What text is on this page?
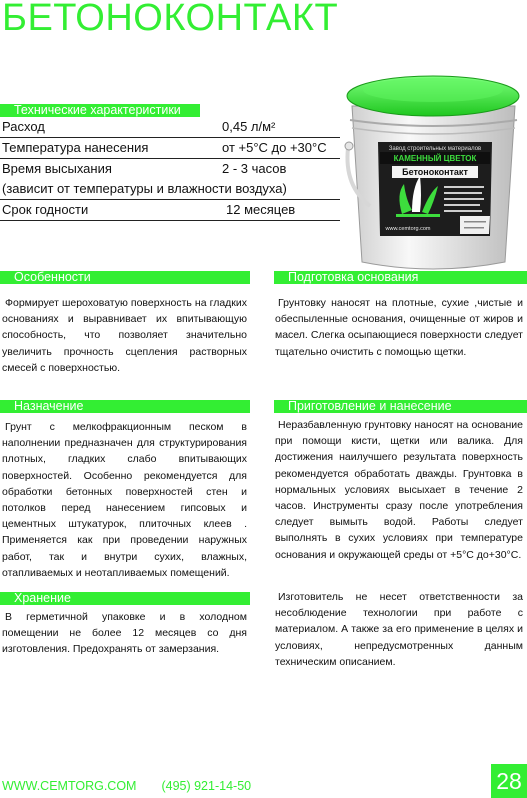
БЕТОНОКОНТАКТ
Технические характеристики
Расход	0,45 л/м²
Температура нанесения	от +5°С до +30°С
Время высыхания	2 - 3 часов
(зависит от температуры и влажности воздуха)
Срок годности	12 месяцев
Завод строительных материалов
КАМЕННЫЙ ЦВЕТОК
Бетоноконтакт
www.cemtorg.com
Особенности
Формирует шероховатую поверхность на гладких основаниях и выравнивает их впитывающую способность, что позволяет значительно увеличить прочность сцепления растворных смесей с поверхностью.
Назначение
Грунт с мелкофракционным песком в наполнении предназначен для структурирования плотных, гладких слабо впитывающих поверхностей. Особенно рекомендуется для обработки бетонных поверхностей стен и потолков перед нанесением гипсовых и цементных штукатурок, плиточных клеев . Применяется как при проведении наружных работ, так и внутри сухих, влажных, отапливаемых и неотапливаемых помещений.
Хранение
В герметичной упаковке и в холодном помещении не более 12 месяцев со дня изготовления. Предохранять от замерзания.
Подготовка основания
Грунтовку наносят на плотные, сухие ,чистые и обеспыленные основания, очищенные от жиров и масел. Слегка осыпающиеся поверхности следует тщательно очистить с помощью щетки.
Приготовление и нанесение
Неразбавленную грунтовку наносят на основание при помощи кисти, щетки или валика. Для достижения наилучшего результата поверхность рекомендуется обработать дважды. Грунтовка в нормальных условиях высыхает в течение 2 часов. Инструменты сразу после употребления следует вымыть водой. Работы следует выполнять в сухих условиях при температуре основания и окружающей среды от +5°С до+30°С.
Изготовитель не несет ответственности за несоблюдение технологии при работе с материалом. А также за его применение в целях и условиях, непредусмотренных данным техническим описанием.
WWW.CEMTORG.COM (495) 921-14-50	28
